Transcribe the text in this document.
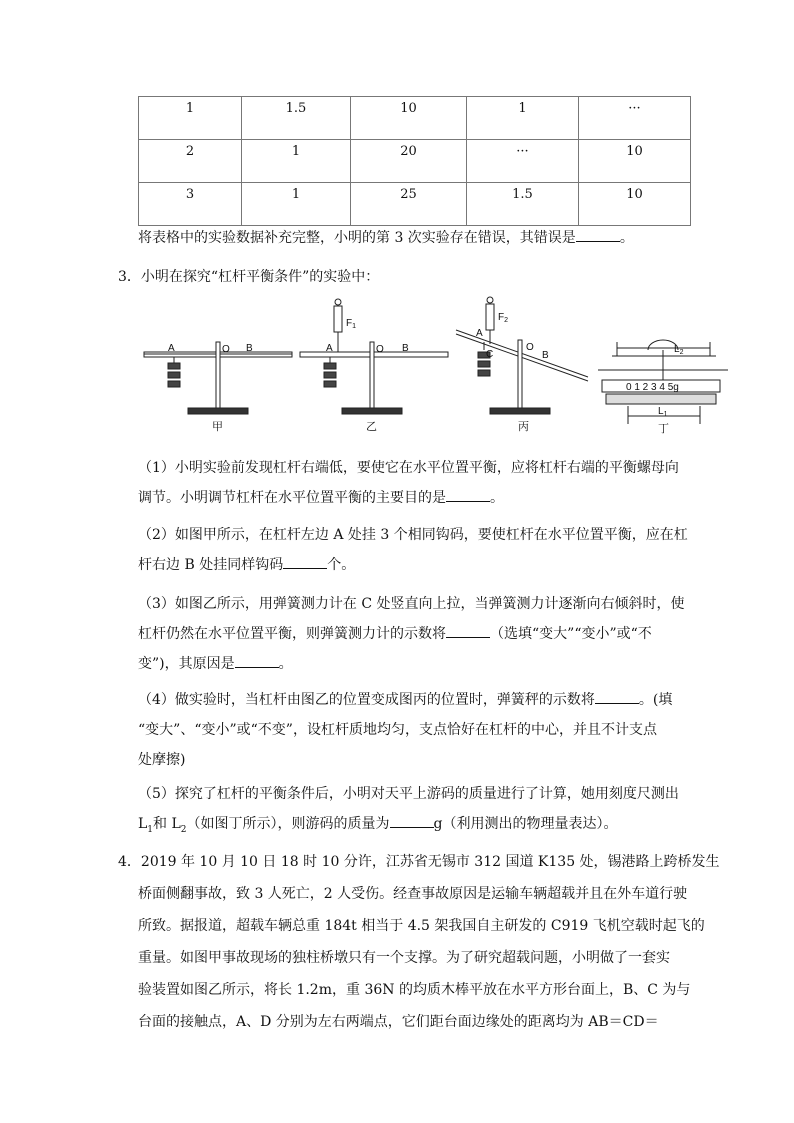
1	1.5	10	1	···
2	1	20	···	10
3	1	25	1.5	10
将表格中的实验数据补充完整，小明的第 3 次实验存在错误，其错误是	。
3．小明在探究“杠杆平衡条件”的实验中：
A	O B	A	O B
$F_1$
A
C
O
B
$F_2$
$L_2$
$L_1$
0 1 2 3 4 5g
甲	乙	丙	丁
（1）小明实验前发现杠杆右端低，要使它在水平位置平衡，应将杠杆右端的平衡螺母向
调节。小明调节杠杆在水平位置平衡的主要目的是	。
（2）如图甲所示，在杠杆左边 A 处挂 3 个相同钩码，要使杠杆在水平位置平衡，应在杠
杆右边 B 处挂同样钩码	个。
（3）如图乙所示，用弹簧测力计在 C 处竖直向上拉，当弹簧测力计逐渐向右倾斜时，使
杠杆仍然在水平位置平衡，则弹簧测力计的示数将	（选填“变大”“变小”或“不
变”)，其原因是	。
（4）做实验时，当杠杆由图乙的位置变成图丙的位置时，弹簧秤的示数将	。(填
“变大”、“变小”或“不变”，设杠杆质地均匀，支点恰好在杠杆的中心，并且不计支点
处摩擦)
（5）探究了杠杆的平衡条件后，小明对天平上游码的质量进行了计算，她用刻度尺测出
$L_1$和 $L_2$（如图丁所示），则游码的质量为	g（利用测出的物理量表达）。
4．2019 年 10 月 10 日 18 时 10 分许，江苏省无锡市 312 国道 K135 处，锡港路上跨桥发生
桥面侧翻事故，致 3 人死亡，2 人受伤。经查事故原因是运输车辆超载并且在外车道行驶
所致。据报道，超载车辆总重 184t 相当于 4.5 架我国自主研发的 C919 飞机空载时起飞的
重量。如图甲事故现场的独柱桥墩只有一个支撑。为了研究超载问题，小明做了一套实
验装置如图乙所示，将长 1.2m，重 36N 的均质木棒平放在水平方形台面上，B、C 为与
台面的接触点，A、D 分别为左右两端点，它们距台面边缘处的距离均为 AB＝CD＝
